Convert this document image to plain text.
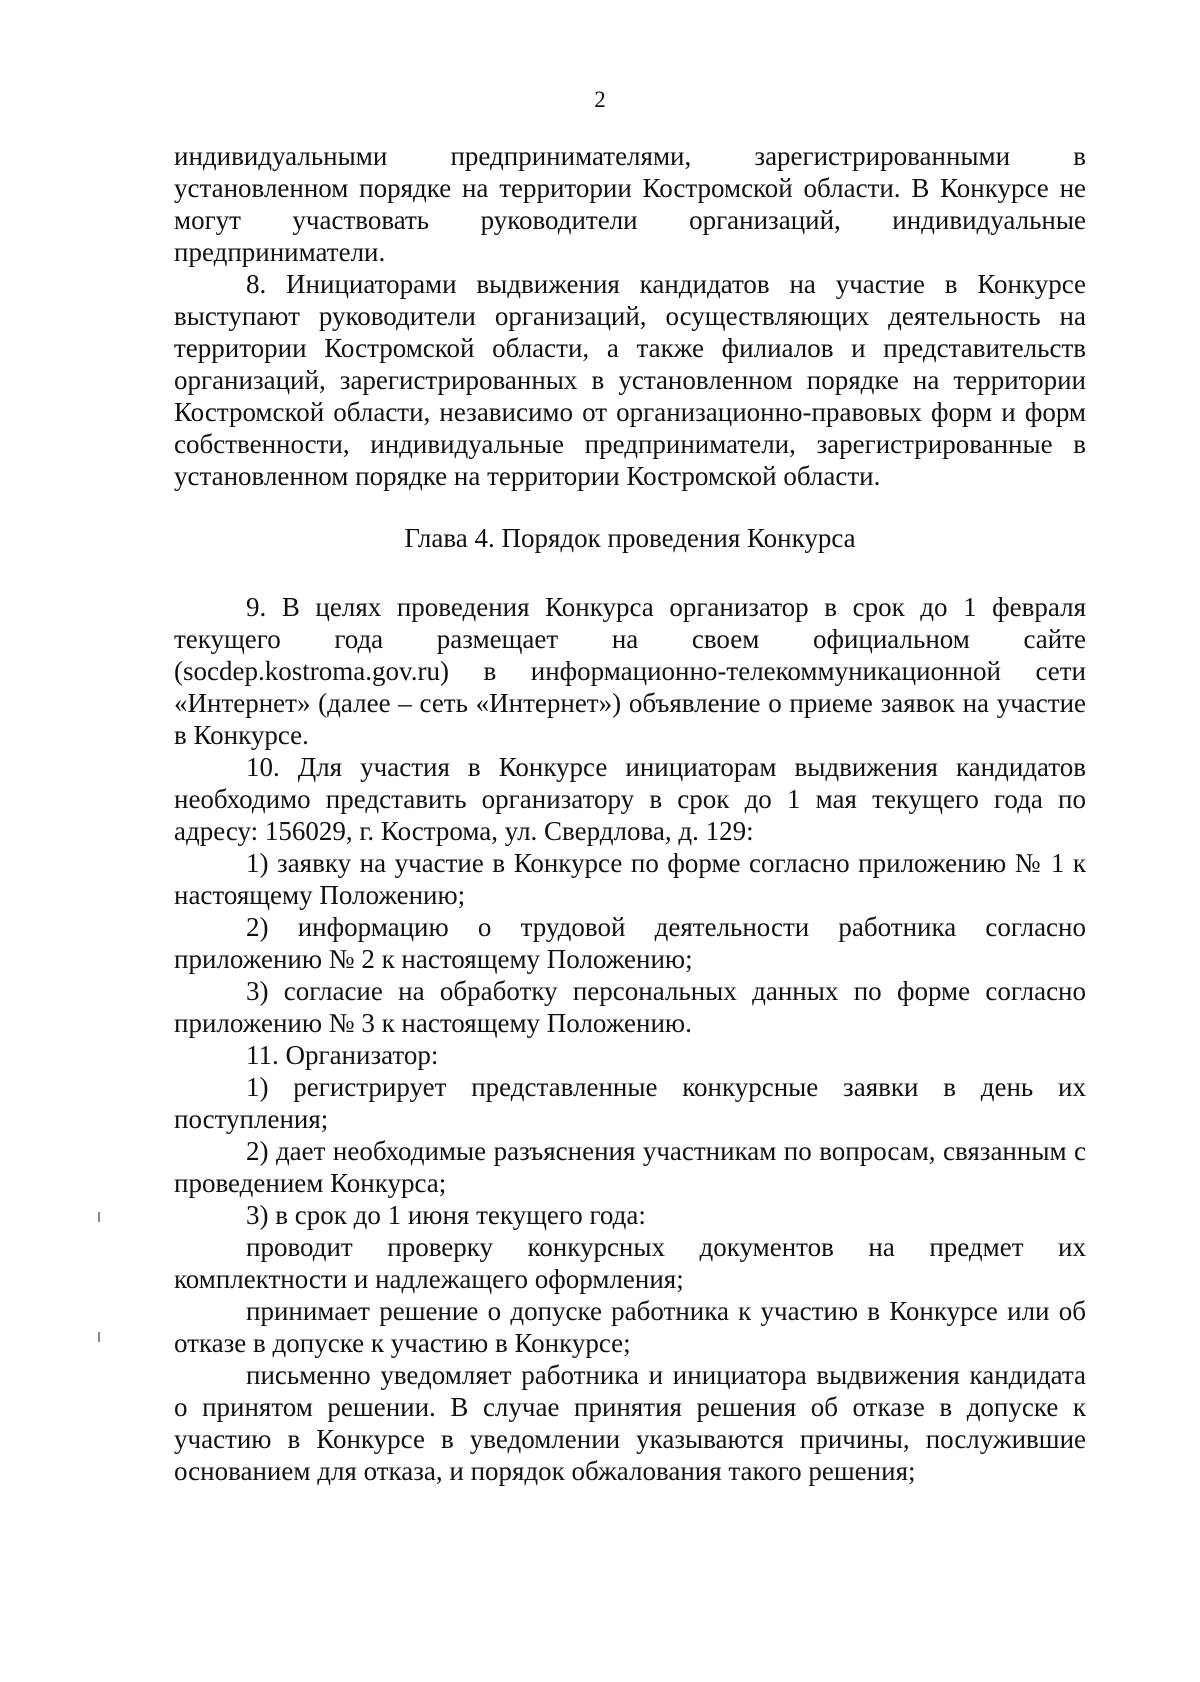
2

индивидуальными предпринимателями, зарегистрированными в установленном порядке на территории Костромской области. В Конкурсе не могут участвовать руководители организаций, индивидуальные предприниматели.

8. Инициаторами выдвижения кандидатов на участие в Конкурсе выступают руководители организаций, осуществляющих деятельность на территории Костромской области, а также филиалов и представительств организаций, зарегистрированных в установленном порядке на территории Костромской области, независимо от организационно-правовых форм и форм собственности, индивидуальные предприниматели, зарегистрированные в установленном порядке на территории Костромской области.

Глава 4. Порядок проведения Конкурса

9. В целях проведения Конкурса организатор в срок до 1 февраля текущего года размещает на своем официальном сайте (socdep.kostroma.gov.ru) в информационно-телекоммуникационной сети «Интернет» (далее – сеть «Интернет») объявление о приеме заявок на участие в Конкурсе.

10. Для участия в Конкурсе инициаторам выдвижения кандидатов необходимо представить организатору в срок до 1 мая текущего года по адресу: 156029, г. Кострома, ул. Свердлова, д. 129:

1) заявку на участие в Конкурсе по форме согласно приложению № 1 к настоящему Положению;

2) информацию о трудовой деятельности работника согласно приложению № 2 к настоящему Положению;

3) согласие на обработку персональных данных по форме согласно приложению № 3 к настоящему Положению.

11. Организатор:

1) регистрирует представленные конкурсные заявки в день их поступления;

2) дает необходимые разъяснения участникам по вопросам, связанным с проведением Конкурса;

3) в срок до 1 июня текущего года:

проводит проверку конкурсных документов на предмет их комплектности и надлежащего оформления;

принимает решение о допуске работника к участию в Конкурсе или об отказе в допуске к участию в Конкурсе;

письменно уведомляет работника и инициатора выдвижения кандидата о принятом решении. В случае принятия решения об отказе в допуске к участию в Конкурсе в уведомлении указываются причины, послужившие основанием для отказа, и порядок обжалования такого решения;
